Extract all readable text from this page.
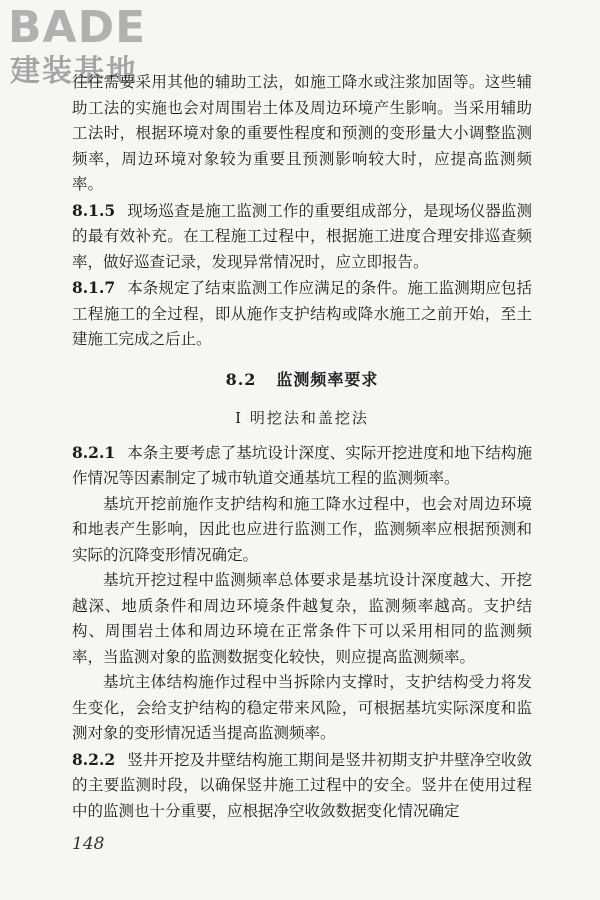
BADE
建装基地

往往需要采用其他的辅助工法，如施工降水或注浆加固等。这些辅助工法的实施也会对周围岩土体及周边环境产生影响。当采用辅助工法时，根据环境对象的重要性程度和预测的变形量大小调整监测频率，周边环境对象较为重要且预测影响较大时，应提高监测频率。

8.1.5 现场巡查是施工监测工作的重要组成部分，是现场仪器监测的最有效补充。在工程施工过程中，根据施工进度合理安排巡查频率，做好巡查记录，发现异常情况时，应立即报告。

8.1.7 本条规定了结束监测工作应满足的条件。施工监测期应包括工程施工的全过程，即从施作支护结构或降水施工之前开始，至土建施工完成之后止。

8.2 监测频率要求
Ⅰ 明挖法和盖挖法

8.2.1 本条主要考虑了基坑设计深度、实际开挖进度和地下结构施作情况等因素制定了城市轨道交通基坑工程的监测频率。

基坑开挖前施作支护结构和施工降水过程中，也会对周边环境和地表产生影响，因此也应进行监测工作，监测频率应根据预测和实际的沉降变形情况确定。

基坑开挖过程中监测频率总体要求是基坑设计深度越大、开挖越深、地质条件和周边环境条件越复杂，监测频率越高。支护结构、周围岩土体和周边环境在正常条件下可以采用相同的监测频率，当监测对象的监测数据变化较快，则应提高监测频率。

基坑主体结构施作过程中当拆除内支撑时，支护结构受力将发生变化，会给支护结构的稳定带来风险，可根据基坑实际深度和监测对象的变形情况适当提高监测频率。

8.2.2 竖井开挖及井壁结构施工期间是竖井初期支护井壁净空收敛的主要监测时段，以确保竖井施工过程中的安全。竖井在使用过程中的监测也十分重要，应根据净空收敛数据变化情况确定

148
